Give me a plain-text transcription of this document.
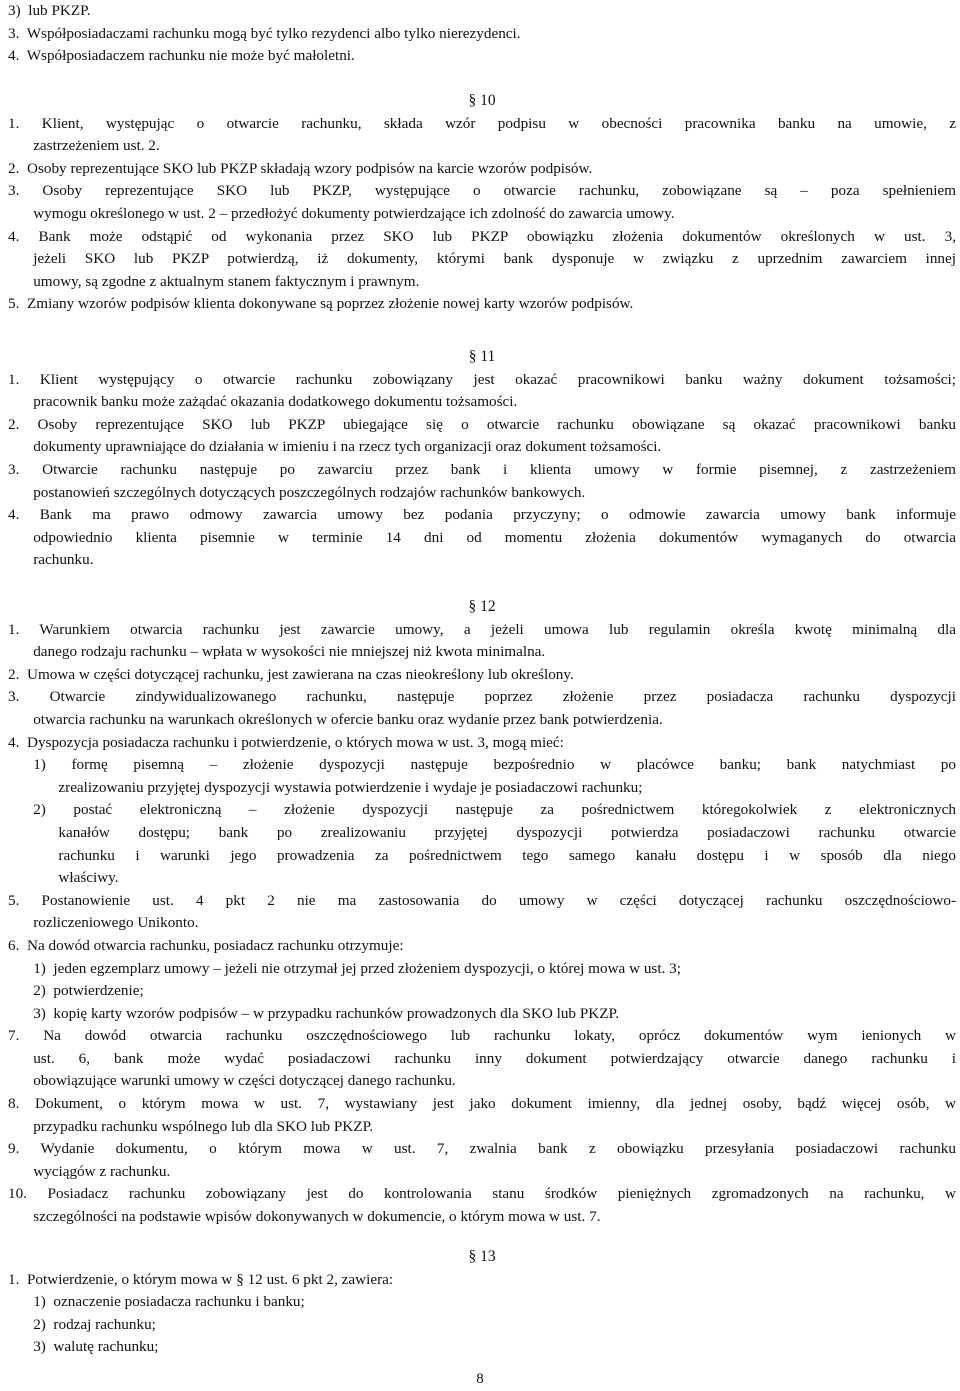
3)  lub PKZP.
3.  Współposiadaczami rachunku mogą być tylko rezydenci albo tylko nierezydenci.
4.  Współposiadaczem rachunku nie może być małoletni.
§ 10
1. Klient, występując o otwarcie rachunku, składa wzór podpisu w obecności pracownika banku na umowie, z
zastrzeżeniem ust. 2.
2.  Osoby reprezentujące SKO lub PKZP składają wzory podpisów na karcie wzorów podpisów.
3. Osoby reprezentujące SKO lub PKZP, występujące o otwarcie rachunku, zobowiązane są – poza spełnieniem
wymogu określonego w ust. 2 – przedłożyć dokumenty potwierdzające ich zdolność do zawarcia umowy.
4. Bank może odstąpić od wykonania przez SKO lub PKZP obowiązku złożenia dokumentów określonych w ust. 3,
jeżeli SKO lub PKZP potwierdzą, iż dokumenty, którymi bank dysponuje w związku z uprzednim zawarciem innej
umowy, są zgodne z aktualnym stanem faktycznym i prawnym.
5.  Zmiany wzorów podpisów klienta dokonywane są poprzez złożenie nowej karty wzorów podpisów.
§ 11
1. Klient występujący o otwarcie rachunku zobowiązany jest okazać pracownikowi banku ważny dokument tożsamości;
pracownik banku może zażądać okazania dodatkowego dokumentu tożsamości.
2. Osoby reprezentujące SKO lub PKZP ubiegające się o otwarcie rachunku obowiązane są okazać pracownikowi banku
dokumenty uprawniające do działania w imieniu i na rzecz tych organizacji oraz dokument tożsamości.
3. Otwarcie rachunku następuje po zawarciu przez bank i klienta umowy w formie pisemnej, z zastrzeżeniem
postanowień szczególnych dotyczących poszczególnych rodzajów rachunków bankowych.
4. Bank ma prawo odmowy zawarcia umowy bez podania przyczyny; o odmowie zawarcia umowy bank informuje
odpowiednio klienta pisemnie w terminie 14 dni od momentu złożenia dokumentów wymaganych do otwarcia
rachunku.
§ 12
1. Warunkiem otwarcia rachunku jest zawarcie umowy, a jeżeli umowa lub regulamin określa kwotę minimalną dla
danego rodzaju rachunku – wpłata w wysokości nie mniejszej niż kwota minimalna.
2.  Umowa w części dotyczącej rachunku, jest zawierana na czas nieokreślony lub określony.
3. Otwarcie zindywidualizowanego rachunku, następuje poprzez złożenie przez posiadacza rachunku dyspozycji
otwarcia rachunku na warunkach określonych w ofercie banku oraz wydanie przez bank potwierdzenia.
4.  Dyspozycja posiadacza rachunku i potwierdzenie, o których mowa w ust. 3, mogą mieć:
1) formę pisemną – złożenie dyspozycji następuje bezpośrednio w placówce banku; bank natychmiast po
zrealizowaniu przyjętej dyspozycji wystawia potwierdzenie i wydaje je posiadaczowi rachunku;
2) postać elektroniczną – złożenie dyspozycji następuje za pośrednictwem któregokolwiek z elektronicznych
kanałów dostępu; bank po zrealizowaniu przyjętej dyspozycji potwierdza posiadaczowi rachunku otwarcie
rachunku i warunki jego prowadzenia za pośrednictwem tego samego kanału dostępu i w sposób dla niego
właściwy.
5. Postanowienie ust. 4 pkt 2 nie ma zastosowania do umowy w części dotyczącej rachunku oszczędnościowo-
rozliczeniowego Unikonto.
6.  Na dowód otwarcia rachunku, posiadacz rachunku otrzymuje:
1)  jeden egzemplarz umowy – jeżeli nie otrzymał jej przed złożeniem dyspozycji, o której mowa w ust. 3;
2)  potwierdzenie;
3)  kopię karty wzorów podpisów – w przypadku rachunków prowadzonych dla SKO lub PKZP.
7. Na dowód otwarcia rachunku oszczędnościowego lub rachunku lokaty, oprócz dokumentów wym ienionych w
ust. 6, bank może wydać posiadaczowi rachunku inny dokument potwierdzający otwarcie danego rachunku i
obowiązujące warunki umowy w części dotyczącej danego rachunku.
8. Dokument, o którym mowa w ust. 7, wystawiany jest jako dokument imienny, dla jednej osoby, bądź więcej osób, w
przypadku rachunku wspólnego lub dla SKO lub PKZP.
9. Wydanie dokumentu, o którym mowa w ust. 7, zwalnia bank z obowiązku przesyłania posiadaczowi rachunku
wyciągów z rachunku.
10. Posiadacz rachunku zobowiązany jest do kontrolowania stanu środków pieniężnych zgromadzonych na rachunku, w
szczególności na podstawie wpisów dokonywanych w dokumencie, o którym mowa w ust. 7.
§ 13
1.  Potwierdzenie, o którym mowa w § 12 ust. 6 pkt 2, zawiera:
1)  oznaczenie posiadacza rachunku i banku;
2)  rodzaj rachunku;
3)  walutę rachunku;
8
